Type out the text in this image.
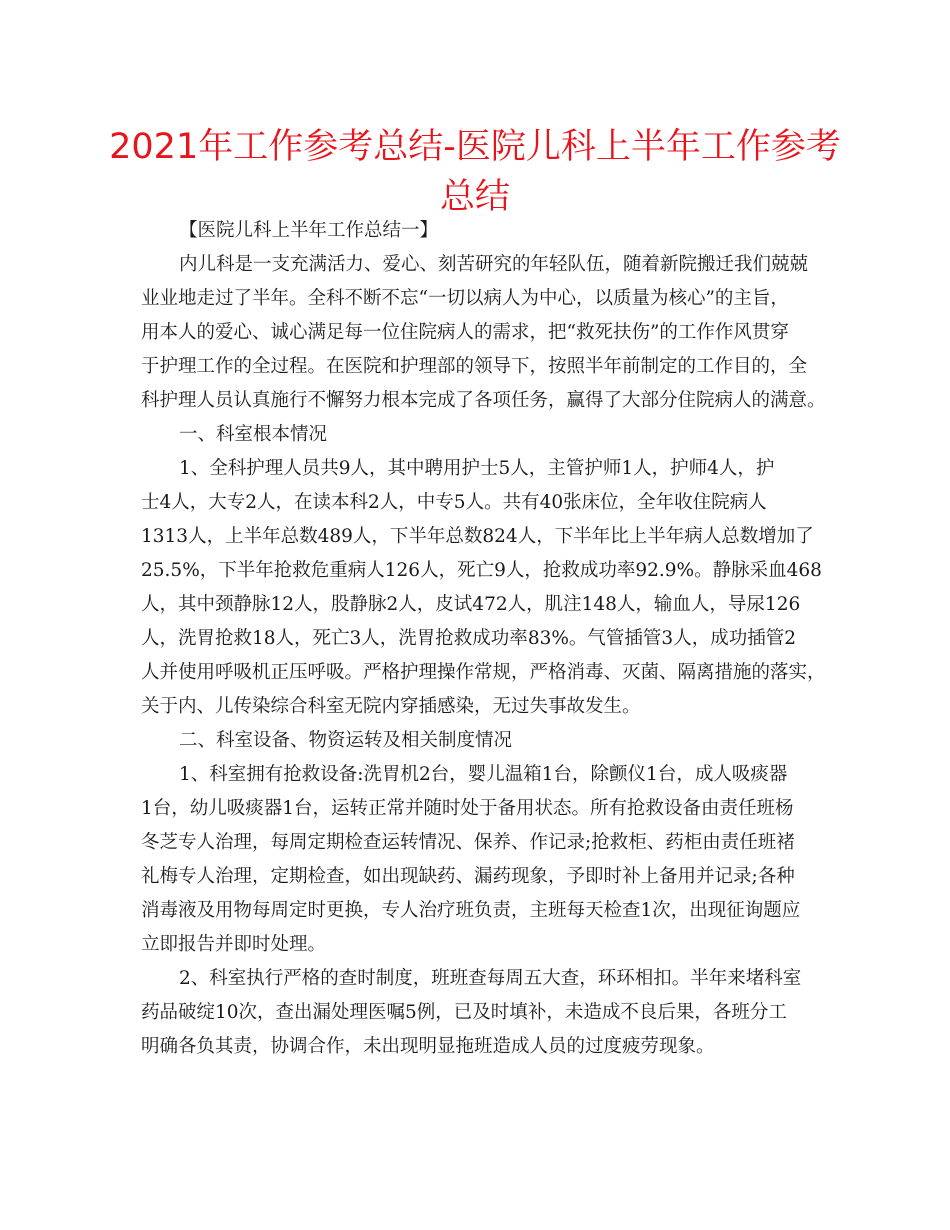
2021年工作参考总结-医院儿科上半年工作参考
总结
【医院儿科上半年工作总结一】
内儿科是一支充满活力、爱心、刻苦研究的年轻队伍，随着新院搬迁我们兢兢
业业地走过了半年。全科不断不忘“一切以病人为中心，以质量为核心”的主旨，
用本人的爱心、诚心满足每一位住院病人的需求，把“救死扶伤”的工作作风贯穿
于护理工作的全过程。在医院和护理部的领导下，按照半年前制定的工作目的，全
科护理人员认真施行不懈努力根本完成了各项任务，赢得了大部分住院病人的满意。
一、科室根本情况
1、全科护理人员共9人，其中聘用护士5人，主管护师1人，护师4人，护
士4人，大专2人，在读本科2人，中专5人。共有40张床位，全年收住院病人
1313人，上半年总数489人，下半年总数824人，下半年比上半年病人总数增加了
25.5%，下半年抢救危重病人126人，死亡9人，抢救成功率92.9%。静脉采血468
人，其中颈静脉12人，股静脉2人，皮试472人，肌注148人，输血人，导尿126
人，洗胃抢救18人，死亡3人，洗胃抢救成功率83%。气管插管3人，成功插管2
人并使用呼吸机正压呼吸。严格护理操作常规，严格消毒、灭菌、隔离措施的落实，
关于内、儿传染综合科室无院内穿插感染，无过失事故发生。
二、科室设备、物资运转及相关制度情况
1、科室拥有抢救设备:洗胃机2台，婴儿温箱1台，除颤仪1台，成人吸痰器
1台，幼儿吸痰器1台，运转正常并随时处于备用状态。所有抢救设备由责任班杨
冬芝专人治理，每周定期检查运转情况、保养、作记录;抢救柜、药柜由责任班褚
礼梅专人治理，定期检查，如出现缺药、漏药现象，予即时补上备用并记录;各种
消毒液及用物每周定时更换，专人治疗班负责，主班每天检查1次，出现征询题应
立即报告并即时处理。
2、科室执行严格的查时制度，班班查每周五大查，环环相扣。半年来堵科室
药品破绽10次，查出漏处理医嘱5例，已及时填补，未造成不良后果，各班分工
明确各负其责，协调合作，未出现明显拖班造成人员的过度疲劳现象。
